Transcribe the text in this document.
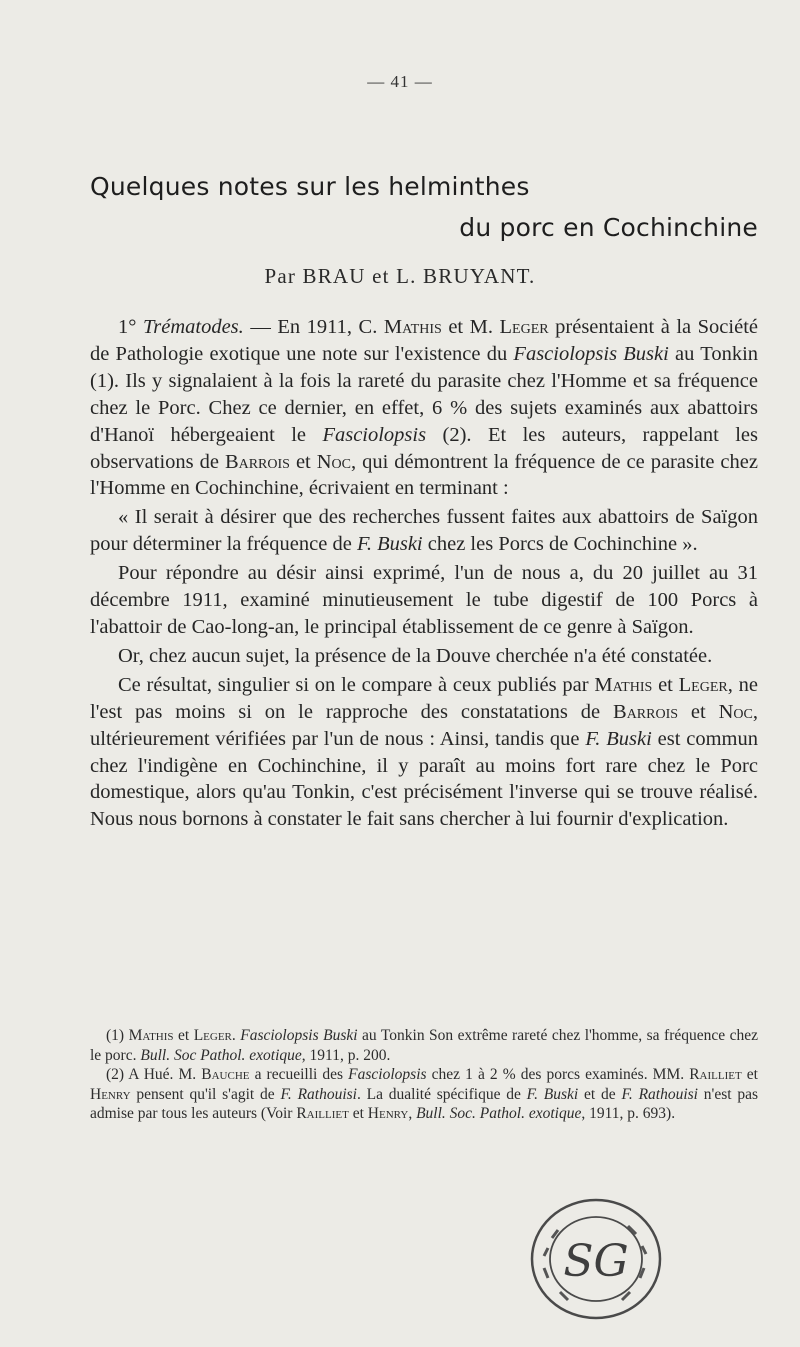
— 41 —
Quelques notes sur les helminthes
du porc en Cochinchine
Par BRAU et L. BRUYANT.

1° Trématodes. — En 1911, C. Mathis et M. Leger présentaient à la Société de Pathologie exotique une note sur l'existence du Fasciolopsis Buski au Tonkin (1). Ils y signalaient à la fois la rareté du parasite chez l'Homme et sa fréquence chez le Porc. Chez ce dernier, en effet, 6 % des sujets examinés aux abattoirs d'Hanoï hébergeaient le Fasciolopsis (2). Et les auteurs, rappelant les observations de Barrois et Noc, qui démontrent la fréquence de ce parasite chez l'Homme en Cochinchine, écrivaient en terminant :

« Il serait à désirer que des recherches fussent faites aux abattoirs de Saïgon pour déterminer la fréquence de F. Buski chez les Porcs de Cochinchine ».

Pour répondre au désir ainsi exprimé, l'un de nous a, du 20 juillet au 31 décembre 1911, examiné minutieusement le tube digestif de 100 Porcs à l'abattoir de Cao-long-an, le principal établissement de ce genre à Saïgon.

Or, chez aucun sujet, la présence de la Douve cherchée n'a été constatée.

Ce résultat, singulier si on le compare à ceux publiés par Mathis et Leger, ne l'est pas moins si on le rapproche des constatations de Barrois et Noc, ultérieurement vérifiées par l'un de nous : Ainsi, tandis que F. Buski est commun chez l'indigène en Cochinchine, il y paraît au moins fort rare chez le Porc domestique, alors qu'au Tonkin, c'est précisément l'inverse qui se trouve réalisé. Nous nous bornons à constater le fait sans chercher à lui fournir d'explication.

(1) Mathis et Leger. Fasciolopsis Buski au Tonkin Son extrême rareté chez l'homme, sa fréquence chez le porc. Bull. Soc Pathol. exotique, 1911, p. 200.

(2) A Hué. M. Bauche a recueilli des Fasciolopsis chez 1 à 2 % des porcs examinés. MM. Railliet et Henry pensent qu'il s'agit de F. Rathouisi. La dualité spécifique de F. Buski et de F. Rathouisi n'est pas admise par tous les auteurs (Voir Railliet et Henry, Bull. Soc. Pathol. exotique, 1911, p. 693).

SG
